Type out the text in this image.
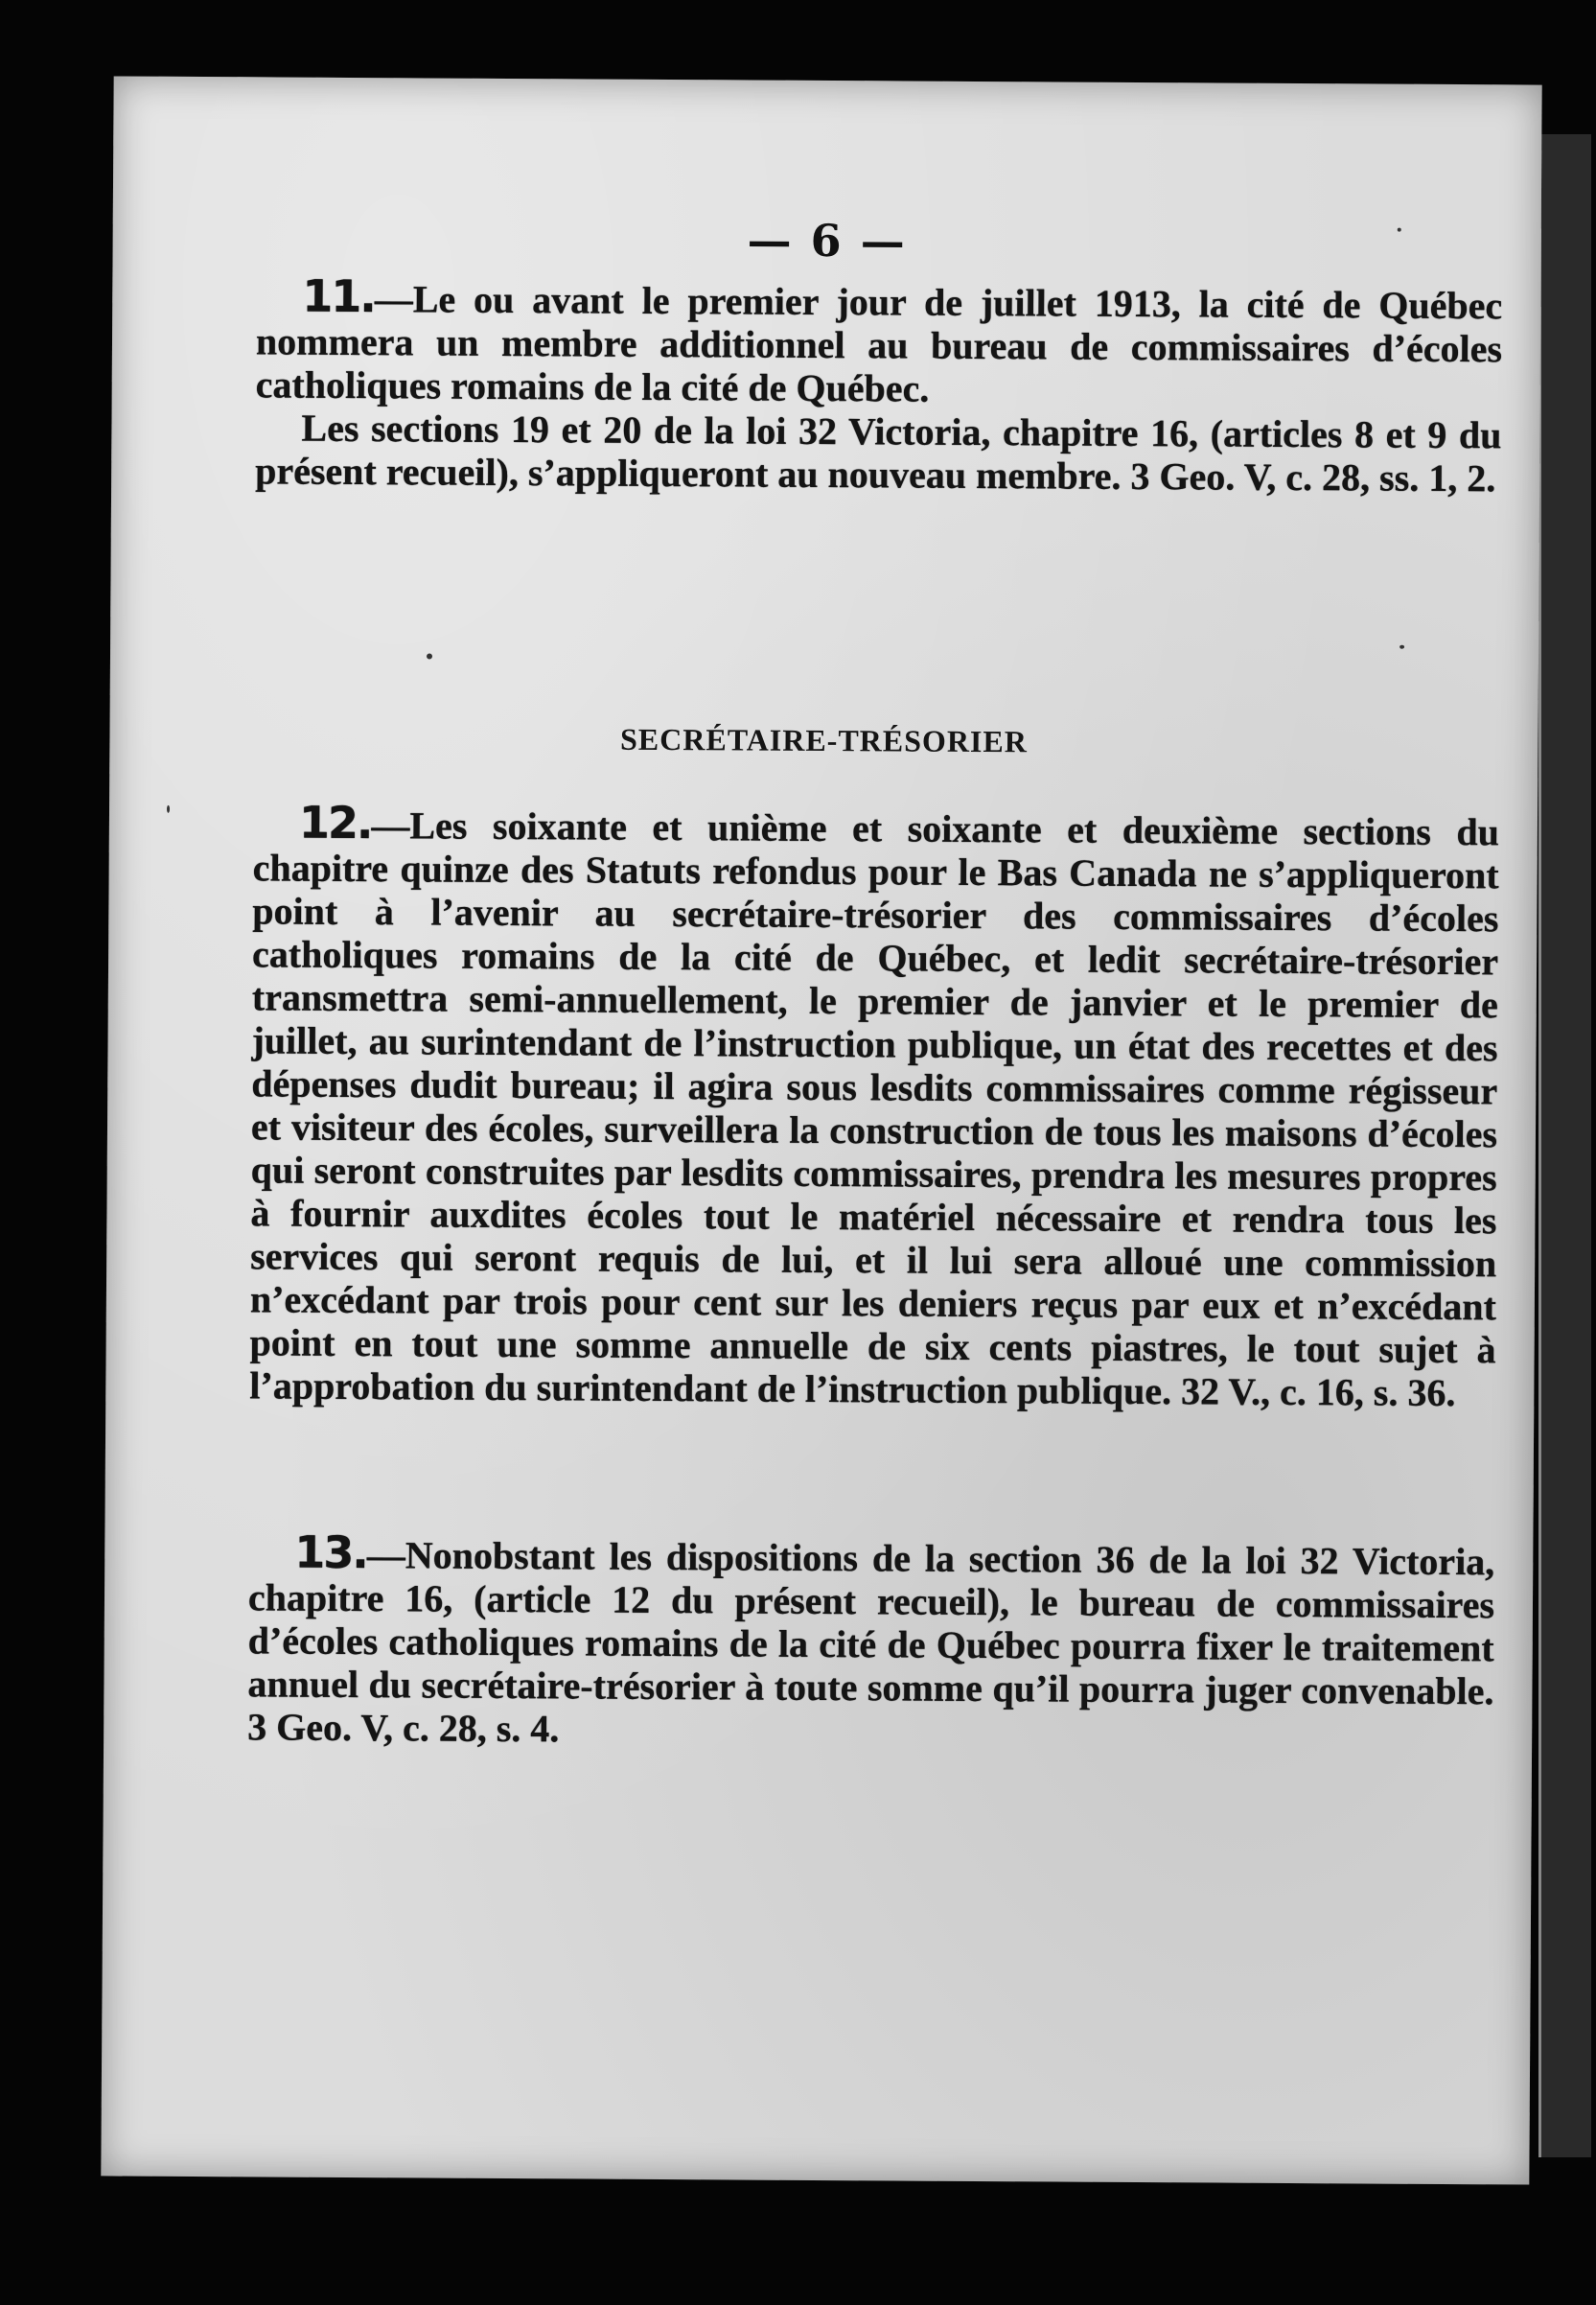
— 6 —

11.—Le ou avant le premier jour de juillet 1913, la cité de Québec nommera un membre additionnel au bureau de commissaires d’écoles catholiques romains de la cité de Québec.

Les sections 19 et 20 de la loi 32 Victoria, chapitre 16, (articles 8 et 9 du présent recueil), s’appliqueront au nouveau membre. 3 Geo. V, c. 28, ss. 1, 2.

SECRÉTAIRE-TRÉSORIER

12.—Les soixante et unième et soixante et deuxième sections du chapitre quinze des Statuts refondus pour le Bas Canada ne s’appliqueront point à l’avenir au secrétaire-trésorier des commissaires d’écoles catholiques romains de la cité de Québec, et ledit secrétaire-trésorier transmettra semi-annuellement, le premier de janvier et le premier de juillet, au surintendant de l’instruction publique, un état des recettes et des dépenses dudit bureau; il agira sous lesdits commissaires comme régisseur et visiteur des écoles, surveillera la construction de tous les maisons d’écoles qui seront construites par lesdits commissaires, prendra les mesures propres à fournir auxdites écoles tout le matériel nécessaire et rendra tous les services qui seront requis de lui, et il lui sera alloué une commission n’excédant par trois pour cent sur les deniers reçus par eux et n’excédant point en tout une somme annuelle de six cents piastres, le tout sujet à l’approbation du surintendant de l’instruction publique. 32 V., c. 16, s. 36.

13.—Nonobstant les dispositions de la section 36 de la loi 32 Victoria, chapitre 16, (article 12 du présent recueil), le bureau de commissaires d’écoles catholiques romains de la cité de Québec pourra fixer le traitement annuel du secrétaire-trésorier à toute somme qu’il pourra juger convenable. 3 Geo. V, c. 28, s. 4.
